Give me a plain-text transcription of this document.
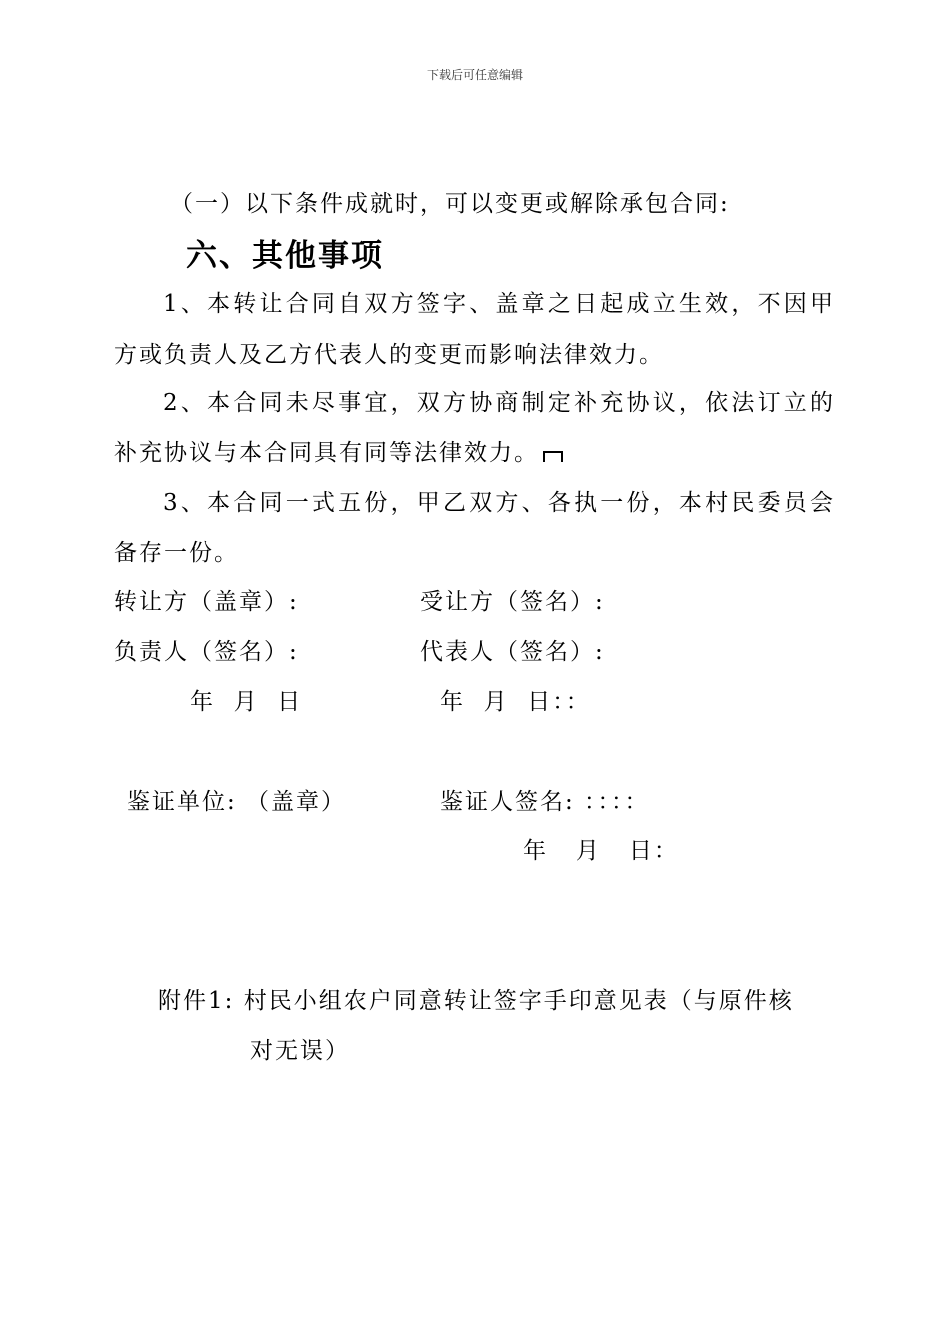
下载后可任意编辑
（一）以下条件成就时，可以变更或解除承包合同:
六、其他事项
1、本转让合同自双方签字、盖章之日起成立生效，不因甲
方或负责人及乙方代表人的变更而影响法律效力。
2、本合同未尽事宜，双方协商制定补充协议，依法订立的
补充协议与本合同具有同等法律效力。
3、本合同一式五份，甲乙双方、各执一份，本村民委员会
备存一份。
转让方（盖章）:	受让方（签名）:
负责人（签名）:	代表人（签名）:
年  月  日	年  月  日：：
鉴证单位: （盖章）	鉴证人签名: ：：：：
年   月   日：
附件1: 村民小组农户同意转让签字手印意见表（与原件核
对无误）
